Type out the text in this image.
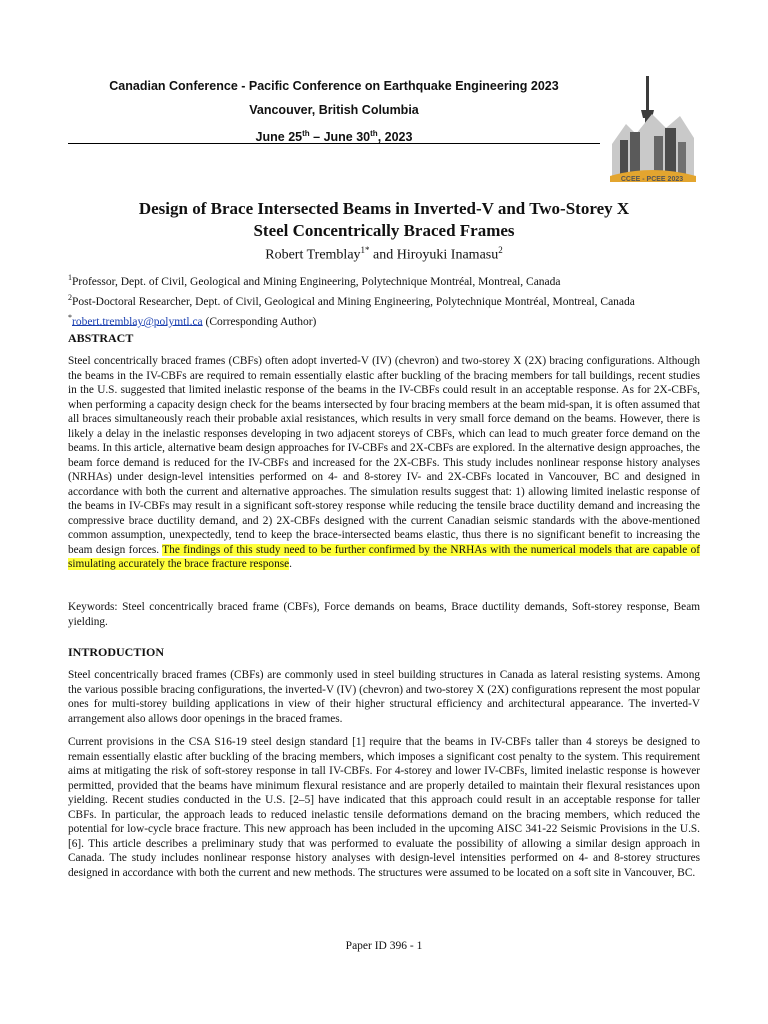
Canadian Conference - Pacific Conference on Earthquake Engineering 2023
Vancouver, British Columbia
June 25th – June 30th, 2023
CCEE - PCEE 2023
Design of Brace Intersected Beams in Inverted-V and Two-Storey X
Steel Concentrically Braced Frames
Robert Tremblay$^{1*}$ and Hiroyuki Inamasu$^2$
$^1$Professor, Dept. of Civil, Geological and Mining Engineering, Polytechnique Montréal, Montreal, Canada
$^2$Post-Doctoral Researcher, Dept. of Civil, Geological and Mining Engineering, Polytechnique Montréal, Montreal, Canada
*robert.tremblay@polymtl.ca (Corresponding Author)
ABSTRACT
Steel concentrically braced frames (CBFs) often adopt inverted-V (IV) (chevron) and two-storey X (2X) bracing configurations. Although the beams in the IV-CBFs are required to remain essentially elastic after buckling of the bracing members for tall buildings, recent studies in the U.S. suggested that limited inelastic response of the beams in the IV-CBFs could result in an acceptable response. As for 2X-CBFs, when performing a capacity design check for the beams intersected by four bracing members at the beam mid-span, it is often assumed that all braces simultaneously reach their probable axial resistances, which results in very small force demand on the beams. However, there is likely a delay in the inelastic responses developing in two adjacent storeys of CBFs, which can lead to much greater force demand on the beams. In this article, alternative beam design approaches for IV-CBFs and 2X-CBFs are explored. In the alternative design approaches, the beam force demand is reduced for the IV-CBFs and increased for the 2X-CBFs. This study includes nonlinear response history analyses (NRHAs) under design-level intensities performed on 4- and 8-storey IV- and 2X-CBFs located in Vancouver, BC and designed in accordance with both the current and alternative approaches. The simulation results suggest that: 1) allowing limited inelastic response of the beams in IV-CBFs may result in a significant soft-storey response while reducing the tensile brace ductility demand and increasing the compressive brace ductility demand, and 2) 2X-CBFs designed with the current Canadian seismic standards with the above-mentioned common assumption, unexpectedly, tend to keep the brace-intersected beams elastic, thus there is no significant benefit to increasing the beam design forces. The findings of this study need to be further confirmed by the NRHAs with the numerical models that are capable of simulating accurately the brace fracture response.
Keywords: Steel concentrically braced frame (CBFs), Force demands on beams, Brace ductility demands, Soft-storey response, Beam yielding.
INTRODUCTION
Steel concentrically braced frames (CBFs) are commonly used in steel building structures in Canada as lateral resisting systems. Among the various possible bracing configurations, the inverted-V (IV) (chevron) and two-storey X (2X) configurations represent the most popular ones for multi-storey building applications in view of their higher structural efficiency and architectural appearance. The inverted-V arrangement also allows door openings in the braced frames.
Current provisions in the CSA S16-19 steel design standard [1] require that the beams in IV-CBFs taller than 4 storeys be designed to remain essentially elastic after buckling of the bracing members, which imposes a significant cost penalty to the system. This requirement aims at mitigating the risk of soft-storey response in tall IV-CBFs. For 4-storey and lower IV-CBFs, limited inelastic response is however permitted, provided that the beams have minimum flexural resistance and are properly detailed to maintain their flexural resistances upon yielding. Recent studies conducted in the U.S. [2–5] have indicated that this approach could result in an acceptable response for taller CBFs. In particular, the approach leads to reduced inelastic tensile deformations demand on the bracing members, which reduced the potential for low-cycle brace fracture. This new approach has been included in the upcoming AISC 341-22 Seismic Provisions in the U.S. [6]. This article describes a preliminary study that was performed to evaluate the possibility of allowing a similar design approach in Canada. The study includes nonlinear response history analyses with design-level intensities performed on 4- and 8-storey structures designed in accordance with both the current and new methods. The structures were assumed to be located on a soft site in Vancouver, BC.
Paper ID 396 - 1
